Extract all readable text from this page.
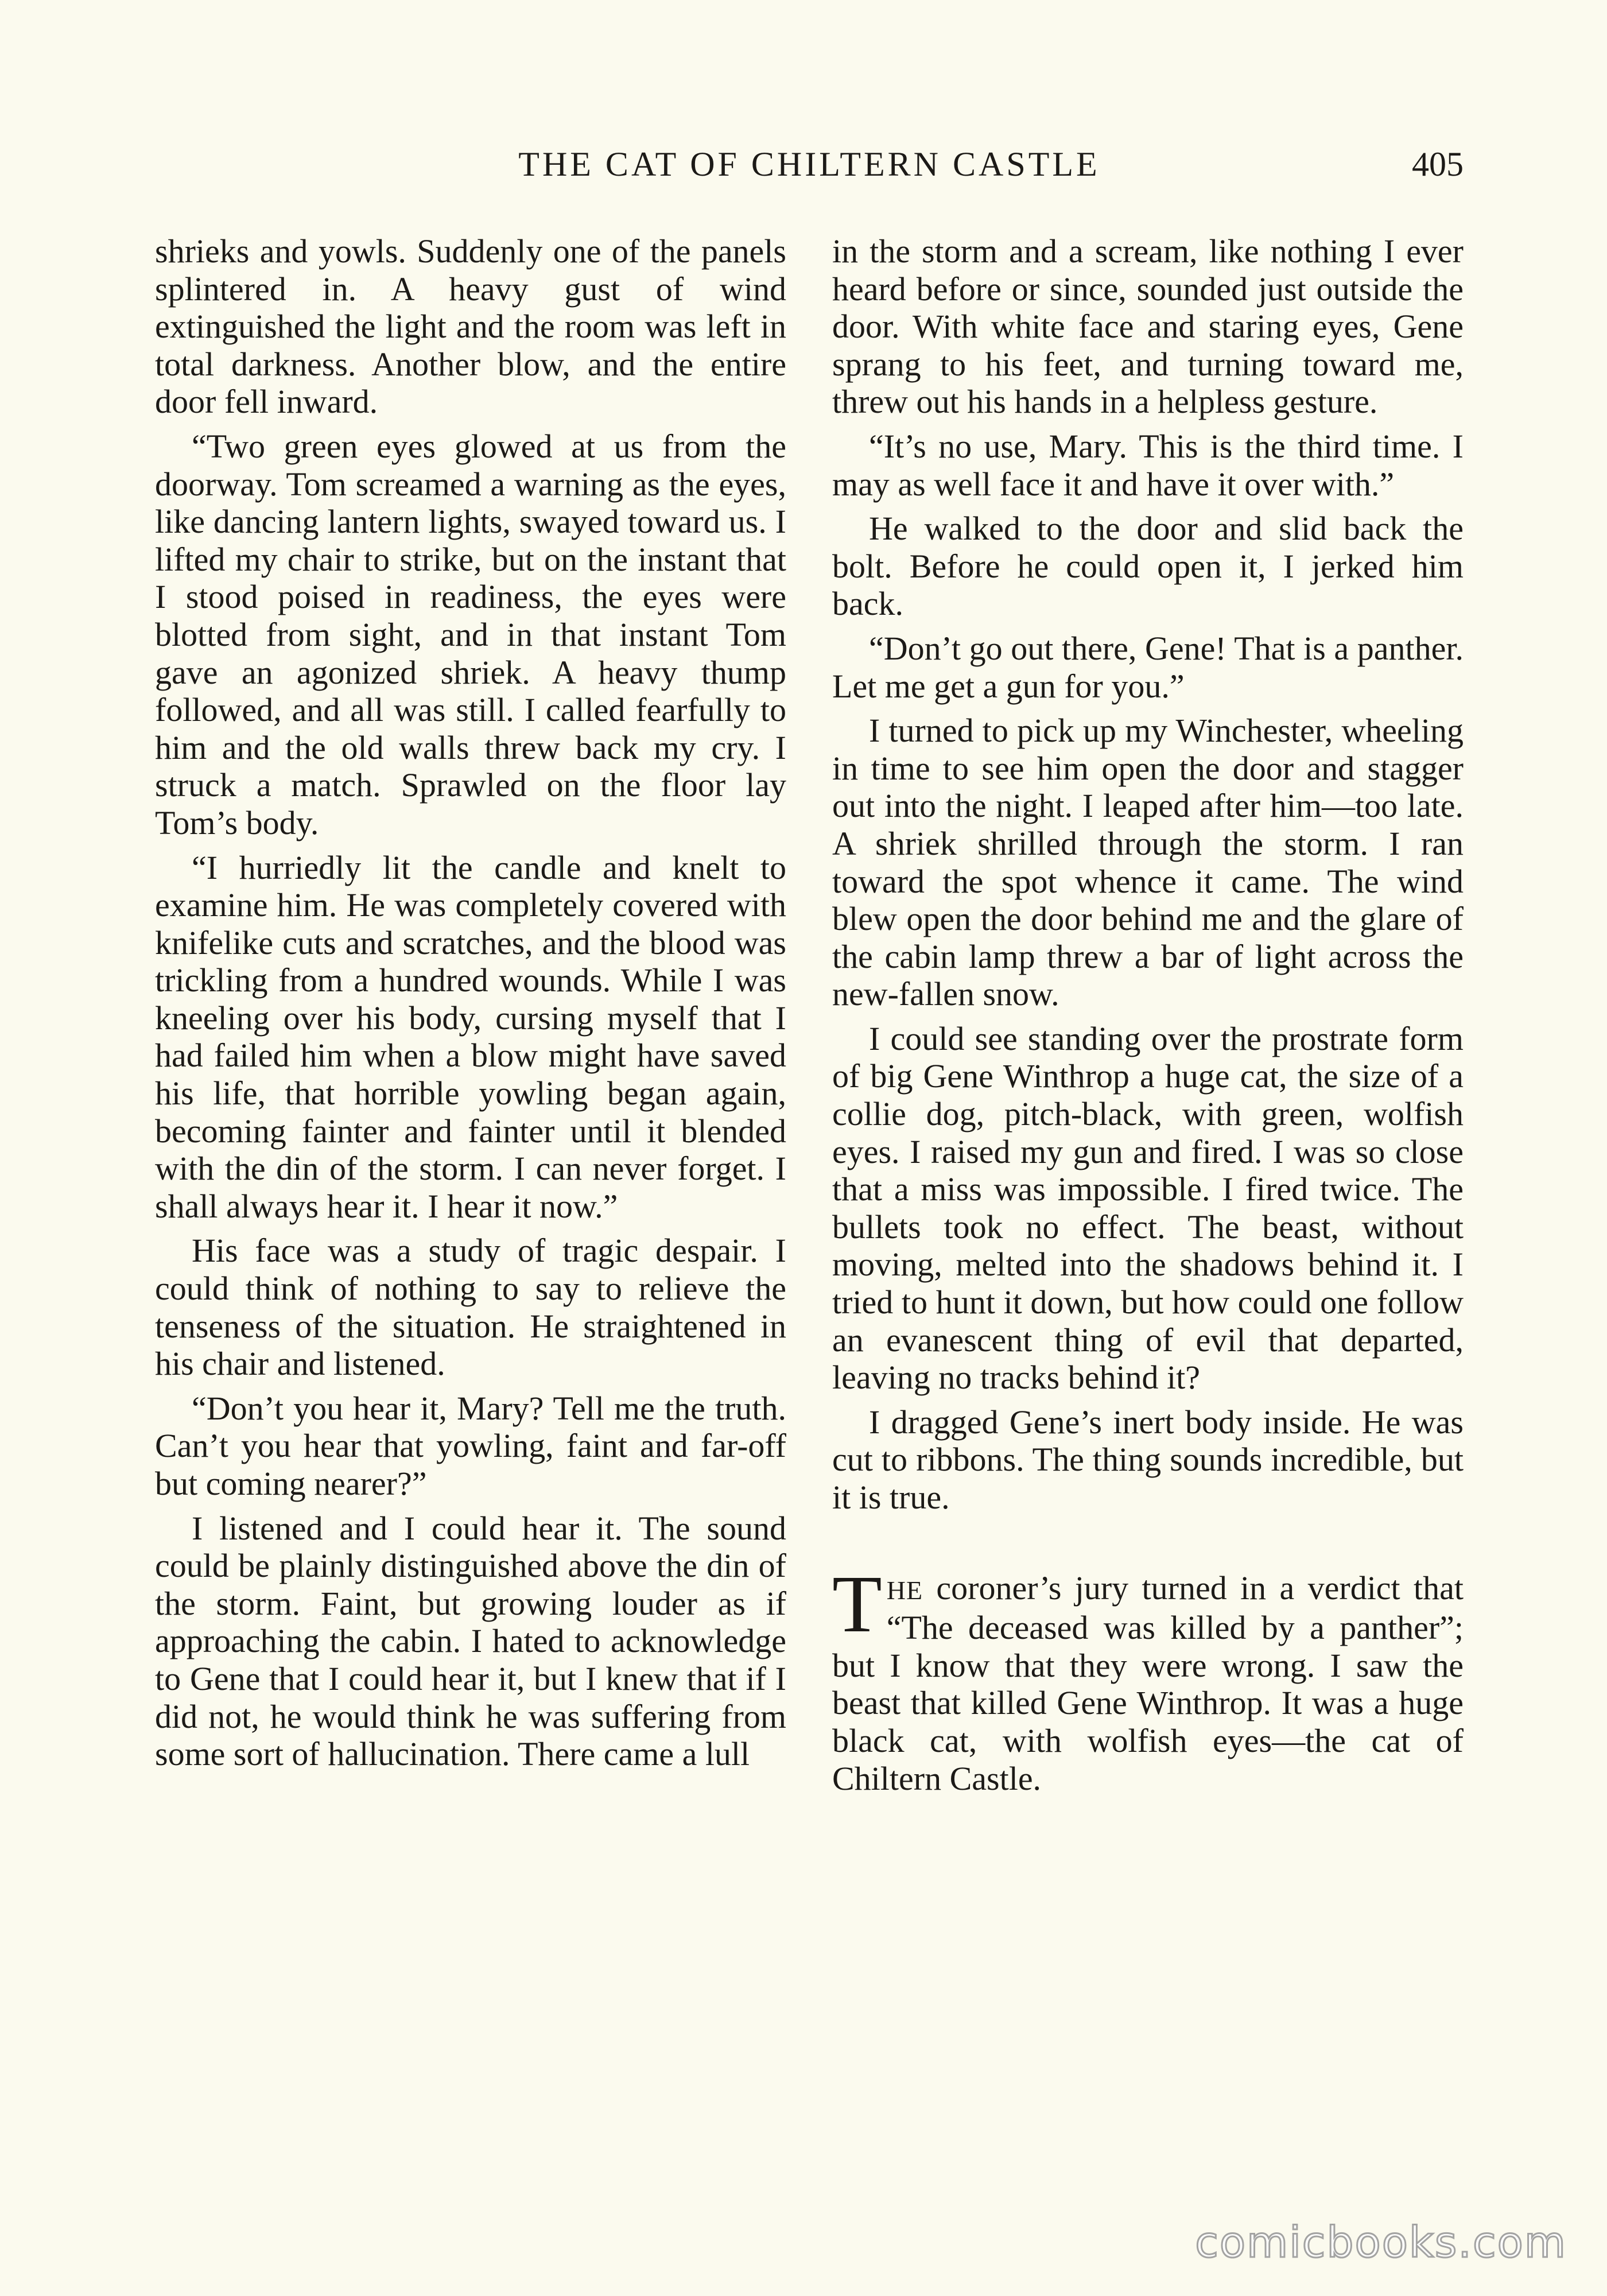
THE CAT OF CHILTERN CASTLE	405

shrieks and yowls. Suddenly one of the panels splintered in. A heavy gust of wind extinguished the light and the room was left in total darkness. Another blow, and the entire door fell inward.

“Two green eyes glowed at us from the doorway. Tom screamed a warning as the eyes, like dancing lantern lights, swayed toward us. I lifted my chair to strike, but on the instant that I stood poised in readiness, the eyes were blotted from sight, and in that instant Tom gave an agonized shriek. A heavy thump followed, and all was still. I called fearfully to him and the old walls threw back my cry. I struck a match. Sprawled on the floor lay Tom’s body.

“I hurriedly lit the candle and knelt to examine him. He was completely covered with knifelike cuts and scratches, and the blood was trickling from a hundred wounds. While I was kneeling over his body, cursing myself that I had failed him when a blow might have saved his life, that horrible yowling began again, becoming fainter and fainter until it blended with the din of the storm. I can never forget. I shall always hear it. I hear it now.”

His face was a study of tragic despair. I could think of nothing to say to relieve the tenseness of the situation. He straightened in his chair and listened.

“Don’t you hear it, Mary? Tell me the truth. Can’t you hear that yowling, faint and far-off but coming nearer?”

I listened and I could hear it. The sound could be plainly distinguished above the din of the storm. Faint, but growing louder as if approaching the cabin. I hated to acknowledge to Gene that I could hear it, but I knew that if I did not, he would think he was suffering from some sort of hallucination. There came a lull

in the storm and a scream, like nothing I ever heard before or since, sounded just outside the door. With white face and staring eyes, Gene sprang to his feet, and turning toward me, threw out his hands in a helpless gesture.

“It’s no use, Mary. This is the third time. I may as well face it and have it over with.”

He walked to the door and slid back the bolt. Before he could open it, I jerked him back.

“Don’t go out there, Gene! That is a panther. Let me get a gun for you.”

I turned to pick up my Winchester, wheeling in time to see him open the door and stagger out into the night. I leaped after him—too late. A shriek shrilled through the storm. I ran toward the spot whence it came. The wind blew open the door behind me and the glare of the cabin lamp threw a bar of light across the new-fallen snow.

I could see standing over the prostrate form of big Gene Winthrop a huge cat, the size of a collie dog, pitch-black, with green, wolfish eyes. I raised my gun and fired. I was so close that a miss was impossible. I fired twice. The bullets took no effect. The beast, without moving, melted into the shadows behind it. I tried to hunt it down, but how could one follow an evanescent thing of evil that departed, leaving no tracks behind it?

I dragged Gene’s inert body inside. He was cut to ribbons. The thing sounds incredible, but it is true.

THE coroner’s jury turned in a verdict that “The deceased was killed by a panther”; but I know that they were wrong. I saw the beast that killed Gene Winthrop. It was a huge black cat, with wolfish eyes—the cat of Chiltern Castle.

comicbooks.com
